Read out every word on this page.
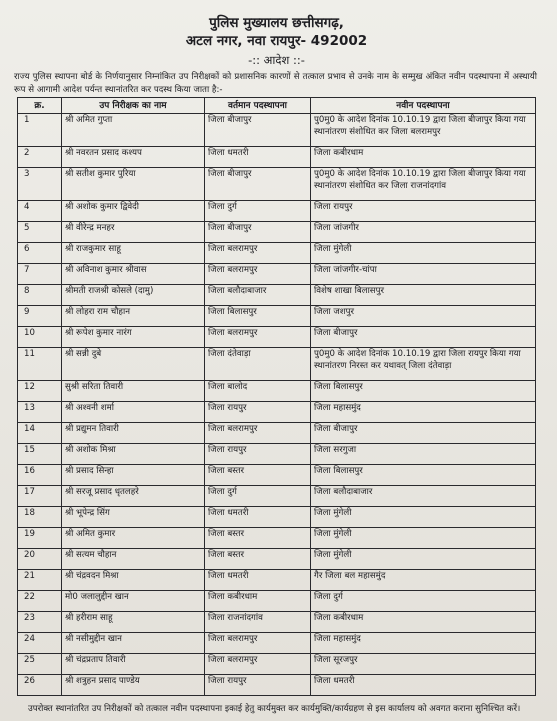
पुलिस मुख्यालय छत्तीसगढ़,
अटल नगर, नवा रायपुर- 492002
-:: आदेश ::-
राज्य पुलिस स्थापना बोर्ड के निर्णयानुसार निम्नांकित उप निरीक्षकों को प्रशासनिक कारणों से तत्काल प्रभाव से उनके नाम के सम्मुख अंकित नवीन पदस्थापना में अस्थायी रूप से आगामी आदेश पर्यन्त स्थानांतरित कर पदस्थ किया जाता है:-
क्र.	उप निरीक्षक का नाम	वर्तमान पदस्थापना	नवीन पदस्थापना
1	श्री अमित गुप्ता	जिला बीजापुर	पु0मु0 के आदेश दिनांक 10.10.19 द्वारा जिला बीजापुर किया गया स्थानांतरण संशोधित कर जिला बलरामपुर
2	श्री नवरतन प्रसाद कश्यप	जिला धमतरी	जिला कबीरधाम
3	श्री सतीश कुमार पुरिया	जिला बीजापुर	पु0मु0 के आदेश दिनांक 10.10.19 द्वारा जिला बीजापुर किया गया स्थानांतरण संशोधित कर जिला राजनांदगांव
4	श्री अशोक कुमार द्विवेदी	जिला दुर्ग	जिला रायपुर
5	श्री वीरेन्द्र मनहर	जिला बीजापुर	जिला जांजगीर
6	श्री राजकुमार साहू	जिला बलरामपुर	जिला मुंगेली
7	श्री अविनाश कुमार श्रीवास	जिला बलरामपुर	जिला जांजगीर-चांपा
8	श्रीमती राजश्री कोसले (दामु)	जिला बलौदाबाजार	विशेष शाखा बिलासपुर
9	श्री लोहरा राम चौहान	जिला बिलासपुर	जिला जशपुर
10	श्री रूपेश कुमार नारंग	जिला बलरामपुर	जिला बीजापुर
11	श्री सन्नी दुबे	जिला दंतेवाड़ा	पु0मु0 के आदेश दिनांक 10.10.19 द्वारा जिला रायपुर किया गया स्थानांतरण निरस्त कर यथावत् जिला दंतेवाड़ा
12	सुश्री सरिता तिवारी	जिला बालोद	जिला बिलासपुर
13	श्री अश्वनी शर्मा	जिला रायपुर	जिला महासमुंद
14	श्री प्रद्युमन तिवारी	जिला बलरामपुर	जिला बीजापुर
15	श्री अशोक मिश्रा	जिला रायपुर	जिला सरगुजा
16	श्री प्रसाद सिन्हा	जिला बस्तर	जिला बिलासपुर
17	श्री सरजू प्रसाद धृतलहरे	जिला दुर्ग	जिला बलौदाबाजार
18	श्री भूपेन्द्र सिंग	जिला धमतरी	जिला मुंगेली
19	श्री अमित कुमार	जिला बस्तर	जिला मुंगेली
20	श्री सत्यम चौहान	जिला बस्तर	जिला मुंगेली
21	श्री चंद्रवदन मिश्रा	जिला धमतरी	गैर जिला बल महासमुंद
22	मो0 जलालुद्दीन खान	जिला कबीरधाम	जिला दुर्ग
23	श्री हरीराम साहू	जिला राजनांदगांव	जिला कबीरधाम
24	श्री नसीमुद्दीन खान	जिला बलरामपुर	जिला महासमुंद
25	श्री चंद्रप्रताप तिवारी	जिला बलरामपुर	जिला सूरजपुर
26	श्री शत्रुहन प्रसाद पाण्डेय	जिला रायपुर	जिला धमतरी
उपरोक्त स्थानांतरित उप निरीक्षकों को तत्काल नवीन पदस्थापना इकाई हेतु कार्यमुक्त कर कार्यमुक्ति/कार्यग्रहण से इस कार्यालय को अवगत कराना सुनिश्चित करें।
